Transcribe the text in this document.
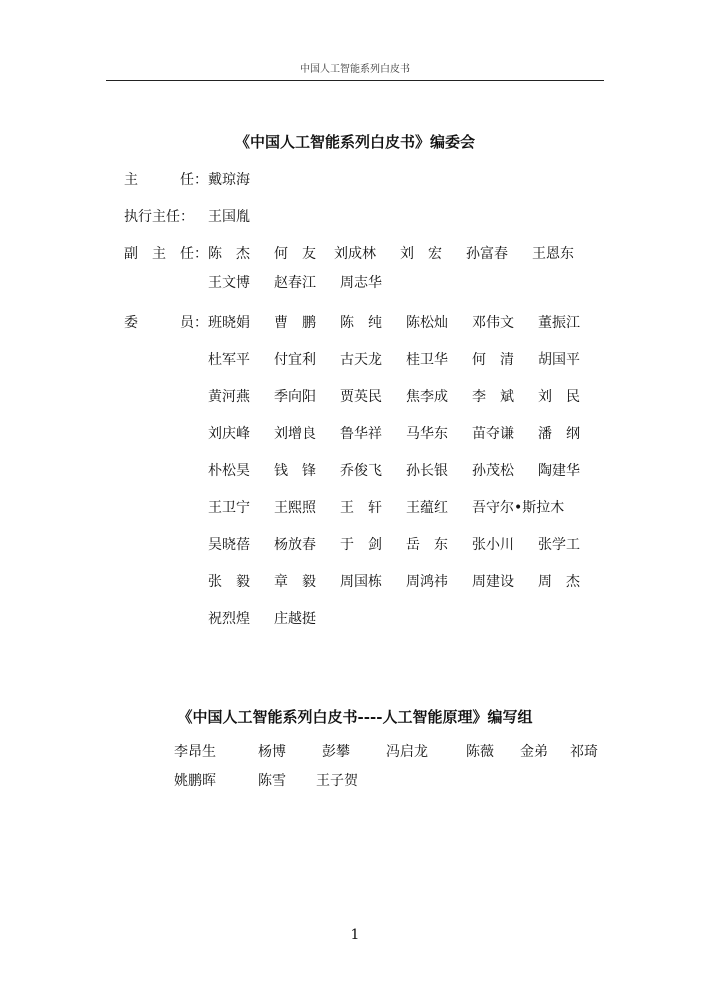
中国人工智能系列白皮书
《中国人工智能系列白皮书》编委会
主	任： 戴琼海
执行主任：	王国胤
副 主 任： 陈　杰	何　友	刘成林	刘　宏	孙富春	王恩东
王文博	赵春江	周志华
委	员： 班晓娟	曹　鹏	陈　纯	陈松灿	邓伟文	董振江
杜军平	付宜利	古天龙	桂卫华	何　清	胡国平
黄河燕	季向阳	贾英民	焦李成	李　斌	刘　民
刘庆峰	刘增良	鲁华祥	马华东	苗夺谦	潘　纲
朴松昊	钱　锋	乔俊飞	孙长银	孙茂松	陶建华
王卫宁	王熙照	王　轩	王蕴红	吾守尔•斯拉木
吴晓蓓	杨放春	于　剑	岳　东	张小川	张学工
张　毅	章　毅	周国栋	周鸿祎	周建设	周　杰
祝烈煌	庄越挺
《中国人工智能系列白皮书----人工智能原理》编写组
李昂生	杨博	彭攀	冯启龙	陈薇	金弟	祁琦
姚鹏晖	陈雪	王子贺
1
